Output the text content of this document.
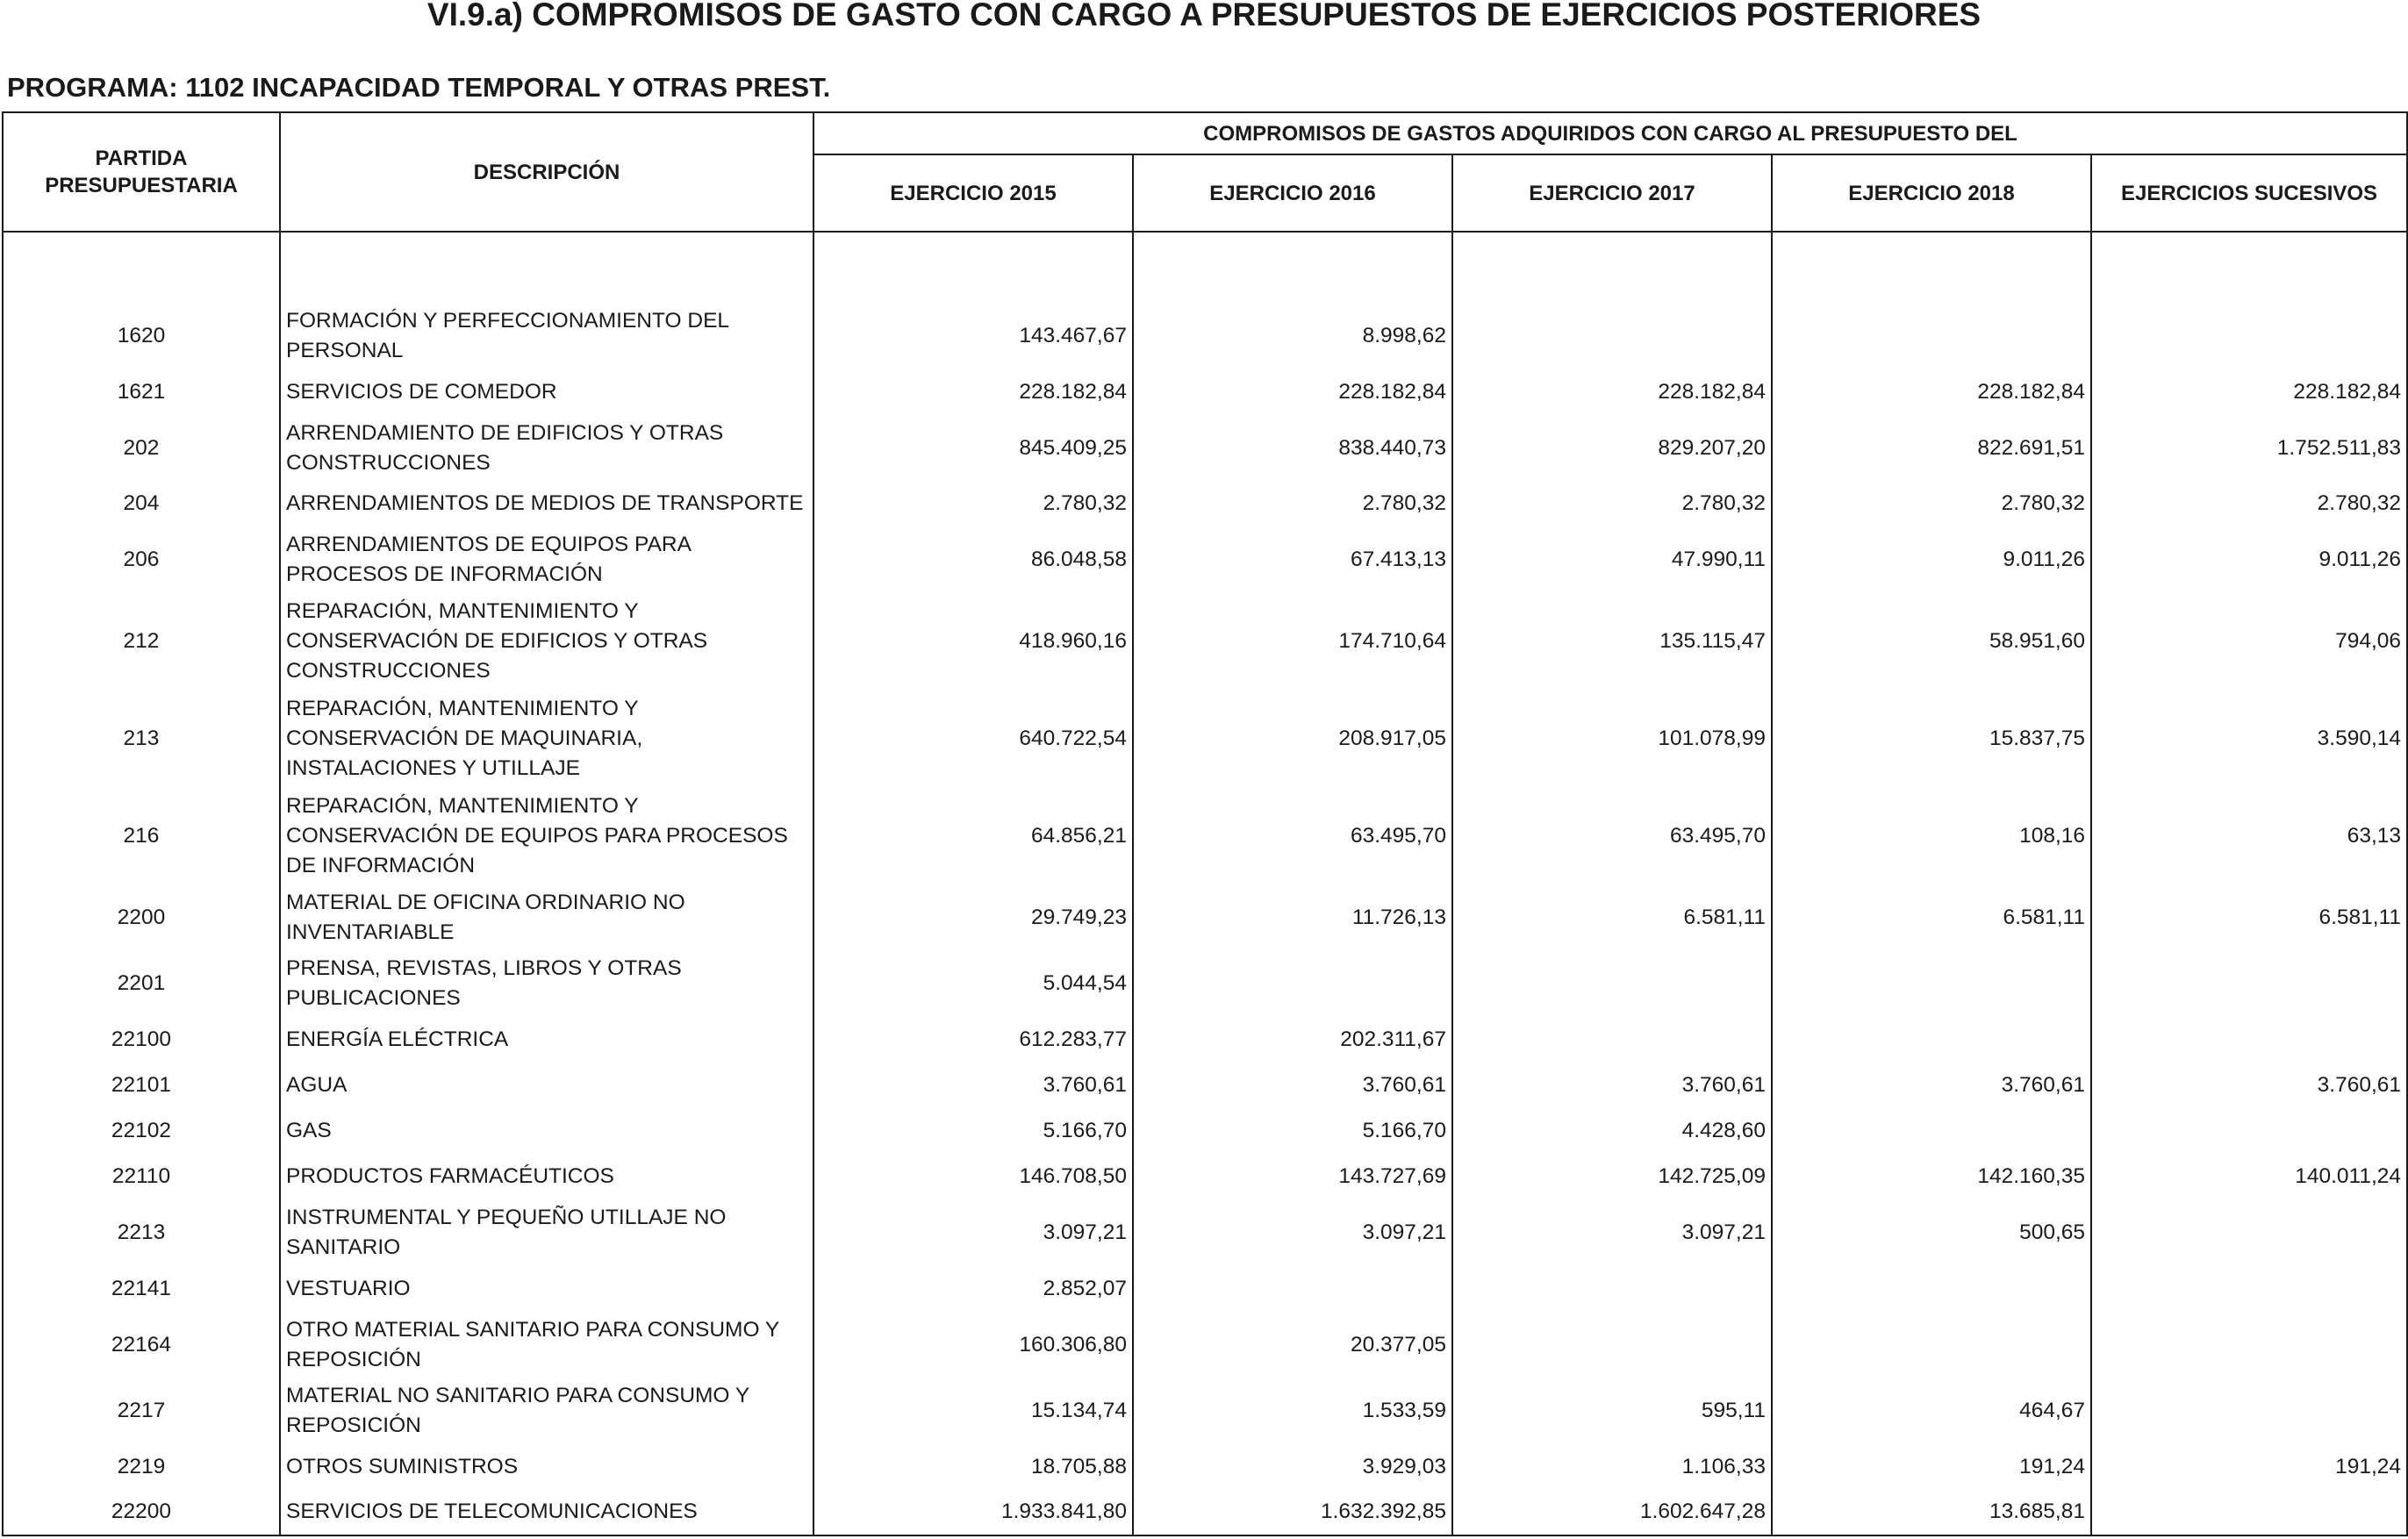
VI.9.a) COMPROMISOS DE GASTO CON CARGO A PRESUPUESTOS DE EJERCICIOS POSTERIORES
PROGRAMA: 1102 INCAPACIDAD TEMPORAL Y OTRAS PREST.
PARTIDA PRESUPUESTARIA	DESCRIPCIÓN	COMPROMISOS DE GASTOS ADQUIRIDOS CON CARGO AL PRESUPUESTO DEL				
		EJERCICIO 2015	EJERCICIO 2016	EJERCICIO 2017	EJERCICIO 2018	EJERCICIOS SUCESIVOS

1620	FORMACIÓN Y PERFECCIONAMIENTO DEL PERSONAL	143.467,67	8.998,62			
1621	SERVICIOS DE COMEDOR	228.182,84	228.182,84	228.182,84	228.182,84	228.182,84
202	ARRENDAMIENTO DE EDIFICIOS Y OTRAS CONSTRUCCIONES	845.409,25	838.440,73	829.207,20	822.691,51	1.752.511,83
204	ARRENDAMIENTOS DE MEDIOS DE TRANSPORTE	2.780,32	2.780,32	2.780,32	2.780,32	2.780,32
206	ARRENDAMIENTOS DE EQUIPOS PARA PROCESOS DE INFORMACIÓN	86.048,58	67.413,13	47.990,11	9.011,26	9.011,26
212	REPARACIÓN, MANTENIMIENTO Y CONSERVACIÓN DE EDIFICIOS Y OTRAS CONSTRUCCIONES	418.960,16	174.710,64	135.115,47	58.951,60	794,06
213	REPARACIÓN, MANTENIMIENTO Y CONSERVACIÓN DE MAQUINARIA, INSTALACIONES Y UTILLAJE	640.722,54	208.917,05	101.078,99	15.837,75	3.590,14
216	REPARACIÓN, MANTENIMIENTO Y CONSERVACIÓN DE EQUIPOS PARA PROCESOS DE INFORMACIÓN	64.856,21	63.495,70	63.495,70	108,16	63,13
2200	MATERIAL DE OFICINA ORDINARIO NO INVENTARIABLE	29.749,23	11.726,13	6.581,11	6.581,11	6.581,11
2201	PRENSA, REVISTAS, LIBROS Y OTRAS PUBLICACIONES	5.044,54				
22100	ENERGÍA ELÉCTRICA	612.283,77	202.311,67			
22101	AGUA	3.760,61	3.760,61	3.760,61	3.760,61	3.760,61
22102	GAS	5.166,70	5.166,70	4.428,60		
22110	PRODUCTOS FARMACÉUTICOS	146.708,50	143.727,69	142.725,09	142.160,35	140.011,24
2213	INSTRUMENTAL Y PEQUEÑO UTILLAJE NO SANITARIO	3.097,21	3.097,21	3.097,21	500,65	
22141	VESTUARIO	2.852,07				
22164	OTRO MATERIAL SANITARIO PARA CONSUMO Y REPOSICIÓN	160.306,80	20.377,05			
2217	MATERIAL NO SANITARIO PARA CONSUMO Y REPOSICIÓN	15.134,74	1.533,59	595,11	464,67	
2219	OTROS SUMINISTROS	18.705,88	3.929,03	1.106,33	191,24	191,24
22200	SERVICIOS DE TELECOMUNICACIONES	1.933.841,80	1.632.392,85	1.602.647,28	13.685,81	
